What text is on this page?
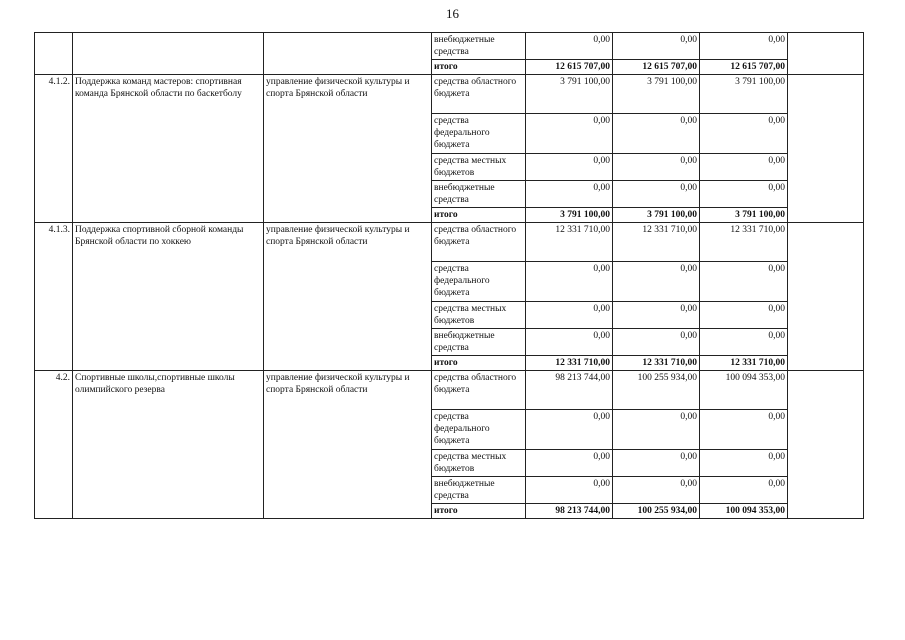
16
			внебюджетные средства	0,00	0,00	0,00	
			итого	12 615 707,00	12 615 707,00	12 615 707,00	
4.1.2.	Поддержка команд мастеров: спортивная команда Брянской области по баскетболу	управление физической культуры и спорта Брянской области	средства областного бюджета	3 791 100,00	3 791 100,00	3 791 100,00	
			средства федерального бюджета	0,00	0,00	0,00	
			средства местных бюджетов	0,00	0,00	0,00	
			внебюджетные средства	0,00	0,00	0,00	
			итого	3 791 100,00	3 791 100,00	3 791 100,00	
4.1.3.	Поддержка спортивной сборной команды Брянской области по хоккею	управление физической культуры и спорта Брянской области	средства областного бюджета	12 331 710,00	12 331 710,00	12 331 710,00	
			средства федерального бюджета	0,00	0,00	0,00	
			средства местных бюджетов	0,00	0,00	0,00	
			внебюджетные средства	0,00	0,00	0,00	
			итого	12 331 710,00	12 331 710,00	12 331 710,00	
4.2.	Спортивные школы,спортивные школы олимпийского резерва	управление физической культуры и спорта Брянской области	средства областного бюджета	98 213 744,00	100 255 934,00	100 094 353,00	
			средства федерального бюджета	0,00	0,00	0,00	
			средства местных бюджетов	0,00	0,00	0,00	
			внебюджетные средства	0,00	0,00	0,00	
			итого	98 213 744,00	100 255 934,00	100 094 353,00	
